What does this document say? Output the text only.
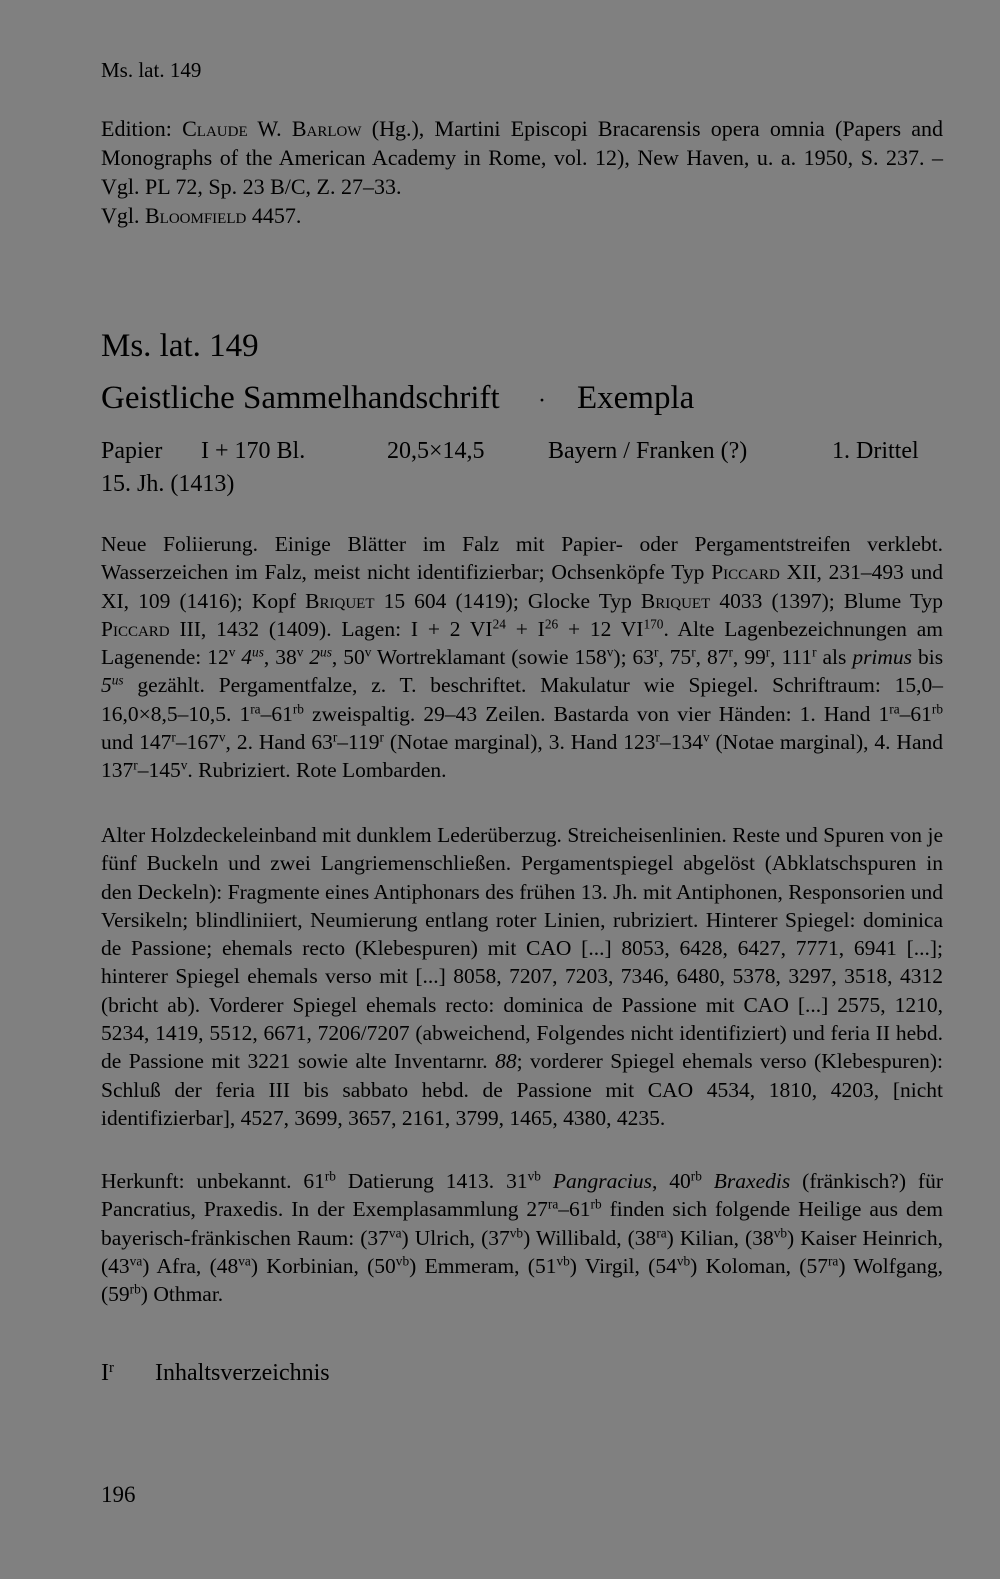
Ms. lat. 149

Edition: Claude W. Barlow (Hg.), Martini Episcopi Bracarensis opera omnia (Papers and Monographs of the American Academy in Rome, vol. 12), New Haven, u. a. 1950, S. 237. – Vgl. PL 72, Sp. 23 B/C, Z. 27–33.

Vgl. Bloomfield 4457.

Ms. lat. 149
Geistliche Sammelhandschrift · Exempla
Papier I + 170 Bl.	20,5×14,5	Bayern / Franken (?)	1. Drittel
15. Jh. (1413)

Neue Foliierung. Einige Blätter im Falz mit Papier- oder Pergamentstreifen verklebt. Wasserzeichen im Falz, meist nicht identifizierbar; Ochsenköpfe Typ Piccard XII, 231–493 und XI, 109 (1416); Kopf Briquet 15 604 (1419); Glocke Typ Briquet 4033 (1397); Blume Typ Piccard III, 1432 (1409). Lagen: I + 2 $VI^{24} + I^{26} + 12$ VI$^{170}$. Alte Lagenbezeichnungen am Lagenende: 12$^v$ $4^{us}$, 38$^v$ $2^{us}$, 50$^v$ Wortreklamant (sowie 158$^v$); 63$^r$, 75$^r$, 87$^r$, 99$^r$, 111$^r$ als primus bis $5^{us}$ gezählt. Pergamentfalze, z. T. beschriftet. Makulatur wie Spiegel. Schriftraum: 15,0–16,0×8,5–10,5. $1^{ra}-61^{rb}$ zweispaltig. 29–43 Zeilen. Bastarda von vier Händen: 1. Hand $1^{ra}-61^{rb}$ und 147$^r$–167$^v$, 2. Hand 63$^r$–119$^r$ (Notae marginal), 3. Hand 123$^r$–134$^v$ (Notae marginal), 4. Hand 137$^r$–145$^v$. Rubriziert. Rote Lombarden.

Alter Holzdeckeleinband mit dunklem Lederüberzug. Streicheisenlinien. Reste und Spuren von je fünf Buckeln und zwei Langriemenschließen. Pergamentspiegel abgelöst (Abklatschspuren in den Deckeln): Fragmente eines Antiphonars des frühen 13. Jh. mit Antiphonen, Responsorien und Versikeln; blindliniiert, Neumierung entlang roter Linien, rubriziert. Hinterer Spiegel: dominica de Passione; ehemals recto (Klebespuren) mit CAO [...] 8053, 6428, 6427, 7771, 6941 [...]; hinterer Spiegel ehemals verso mit [...] 8058, 7207, 7203, 7346, 6480, 5378, 3297, 3518, 4312 (bricht ab). Vorderer Spiegel ehemals recto: dominica de Passione mit CAO [...] 2575, 1210, 5234, 1419, 5512, 6671, 7206/7207 (abweichend, Folgendes nicht identifiziert) und feria II hebd. de Passione mit 3221 sowie alte Inventarnr. 88; vorderer Spiegel ehemals verso (Klebespuren): Schluß der feria III bis sabbato hebd. de Passione mit CAO 4534, 1810, 4203, [nicht identifizierbar], 4527, 3699, 3657, 2161, 3799, 1465, 4380, 4235.

Herkunft: unbekannt. $61^{rb}$ Datierung 1413. $31^{vb}$ Pangracius, $40^{rb}$ Braxedis (fränkisch?) für Pancratius, Praxedis. In der Exemplasammlung $27^{ra}-61^{rb}$ finden sich folgende Heilige aus dem bayerisch-fränkischen Raum: $(37^{va})$ Ulrich, $(37^{vb})$ Willibald, $(38^{ra})$ Kilian, $(38^{vb})$ Kaiser Heinrich, $(43^{va})$ Afra, $(48^{va})$ Korbinian, $(50^{vb})$ Emmeram, $(51^{vb})$ Virgil, $(54^{vb})$ Koloman, $(57^{ra})$ Wolfgang, $(59^{rb})$ Othmar.

$I^r$ Inhaltsverzeichnis
196
